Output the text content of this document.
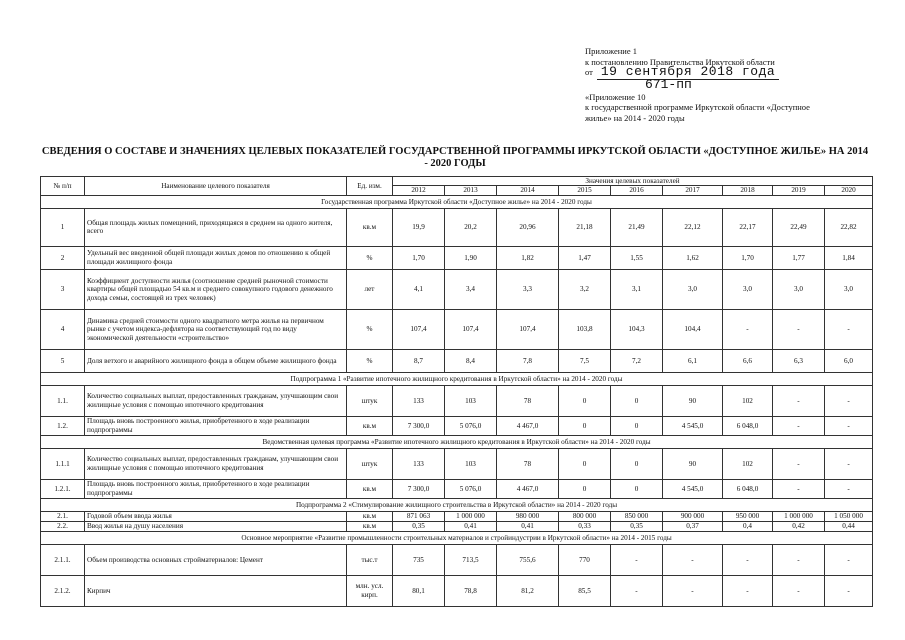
Приложение 1
к постановлению Правительства Иркутской области
от 19 сентября 2018 года
671-пп
«Приложение 10
к государственной программе Иркутской области «Доступное
жилье» на 2014 - 2020 годы
СВЕДЕНИЯ О СОСТАВЕ И ЗНАЧЕНИЯХ ЦЕЛЕВЫХ ПОКАЗАТЕЛЕЙ ГОСУДАРСТВЕННОЙ ПРОГРАММЫ ИРКУТСКОЙ ОБЛАСТИ «ДОСТУПНОЕ ЖИЛЬЕ» НА 2014 - 2020 ГОДЫ
№ п/п	Наименование целевого показателя	Ед. изм.	Значения целевых показателей								
			2012	2013	2014	2015	2016	2017	2018	2019	2020
Государственная программа Иркутской области «Доступное жилье» на 2014 - 2020 годы											
1	Общая площадь жилых помещений, приходящаяся в среднем на одного жителя, всего	кв.м	19,9	20,2	20,96	21,18	21,49	22,12	22,17	22,49	22,82
2	Удельный вес введенной общей площади жилых домов по отношению к общей площади жилищного фонда	%	1,70	1,90	1,82	1,47	1,55	1,62	1,70	1,77	1,84
3	Коэффициент доступности жилья (соотношение средней рыночной стоимости квартиры общей площадью 54 кв.м и среднего совокупного годового денежного дохода семьи, состоящей из трех человек)	лет	4,1	3,4	3,3	3,2	3,1	3,0	3,0	3,0	3,0
4	Динамика средней стоимости одного квадратного метра жилья на первичном рынке с учетом индекса-дефлятора на соответствующий год по виду экономической деятельности «строительство»	%	107,4	107,4	107,4	103,8	104,3	104,4	-	-	-
5	Доля ветхого и аварийного жилищного фонда в общем объеме жилищного фонда	%	8,7	8,4	7,8	7,5	7,2	6,1	6,6	6,3	6,0
Подпрограмма 1 «Развитие ипотечного жилищного кредитования в Иркутской области» на 2014 - 2020 годы											
1.1.	Количество социальных выплат, предоставленных гражданам, улучшающим свои жилищные условия с помощью ипотечного кредитования	штук	133	103	78	0	0	90	102	-	-
1.2.	Площадь вновь построенного жилья, приобретенного в ходе реализации подпрограммы	кв.м	7 300,0	5 076,0	4 467,0	0	0	4 545,0	6 048,0	-	-
Ведомственная целевая программа «Развитие ипотечного жилищного кредитования в Иркутской области» на 2014 - 2020 годы											
1.1.1	Количество социальных выплат, предоставленных гражданам, улучшающим свои жилищные условия с помощью ипотечного кредитования	штук	133	103	78	0	0	90	102	-	-
1.2.1.	Площадь вновь построенного жилья, приобретенного в ходе реализации подпрограммы	кв.м	7 300,0	5 076,0	4 467,0	0	0	4 545,0	6 048,0	-	-
Подпрограмма 2 «Стимулирование жилищного строительства в Иркутской области» на 2014 - 2020 годы											
2.1.	Годовой объем ввода жилья	кв.м	871 063	1 000 000	980 000	800 000	850 000	900 000	950 000	1 000 000	1 050 000
2.2.	Ввод жилья на душу населения	кв.м	0,35	0,41	0,41	0,33	0,35	0,37	0,4	0,42	0,44
Основное мероприятие «Развитие промышленности строительных материалов и стройиндустрии в Иркутской области» на 2014 - 2015 годы											
2.1.1.	Объем производства основных стройматериалов: Цемент	тыс.т	735	713,5	755,6	770	-	-	-	-	-
2.1.2.	Кирпич	млн. усл. кирп.	80,1	78,8	81,2	85,5	-	-	-	-	-
